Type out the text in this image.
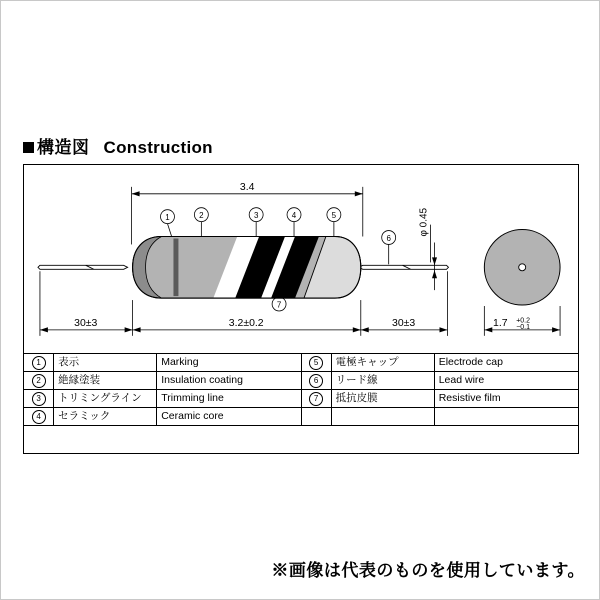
構造図 Construction
3.4
1	2	3	4	5
6
7
φ 0.45
30±3	3.2±0.2	30±3	1.7 +0.2
−0.1
1	表示	Marking	5	電極キャップ	Electrode cap
2	絶縁塗装	Insulation coating	6	リード線	Lead wire
3	トリミングライン	Trimming line	7	抵抗皮膜	Resistive film
4	セラミック	Ceramic core			
※画像は代表のものを使用しています。
